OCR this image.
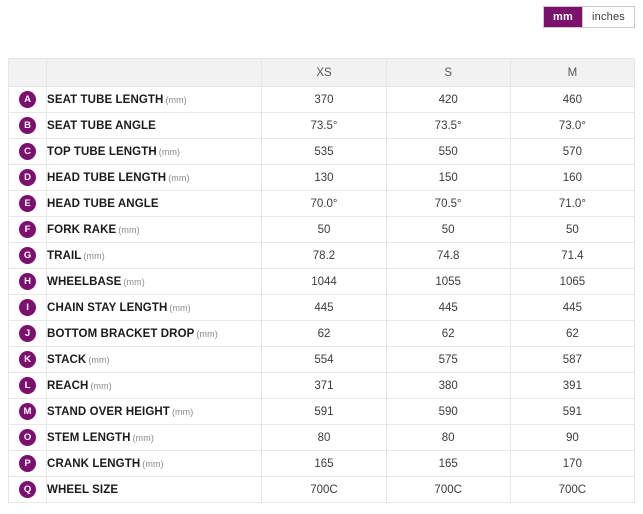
mm	inches
		XS	S	M
A	SEAT TUBE LENGTH (mm)	370	420	460
B	SEAT TUBE ANGLE	73.5°	73.5°	73.0°
C	TOP TUBE LENGTH (mm)	535	550	570
D	HEAD TUBE LENGTH (mm)	130	150	160
E	HEAD TUBE ANGLE	70.0°	70.5°	71.0°
F	FORK RAKE (mm)	50	50	50
G	TRAIL (mm)	78.2	74.8	71.4
H	WHEELBASE (mm)	1044	1055	1065
I	CHAIN STAY LENGTH (mm)	445	445	445
J	BOTTOM BRACKET DROP (mm)	62	62	62
K	STACK (mm)	554	575	587
L	REACH (mm)	371	380	391
M	STAND OVER HEIGHT (mm)	591	590	591
O	STEM LENGTH (mm)	80	80	90
P	CRANK LENGTH (mm)	165	165	170
Q	WHEEL SIZE	700C	700C	700C
